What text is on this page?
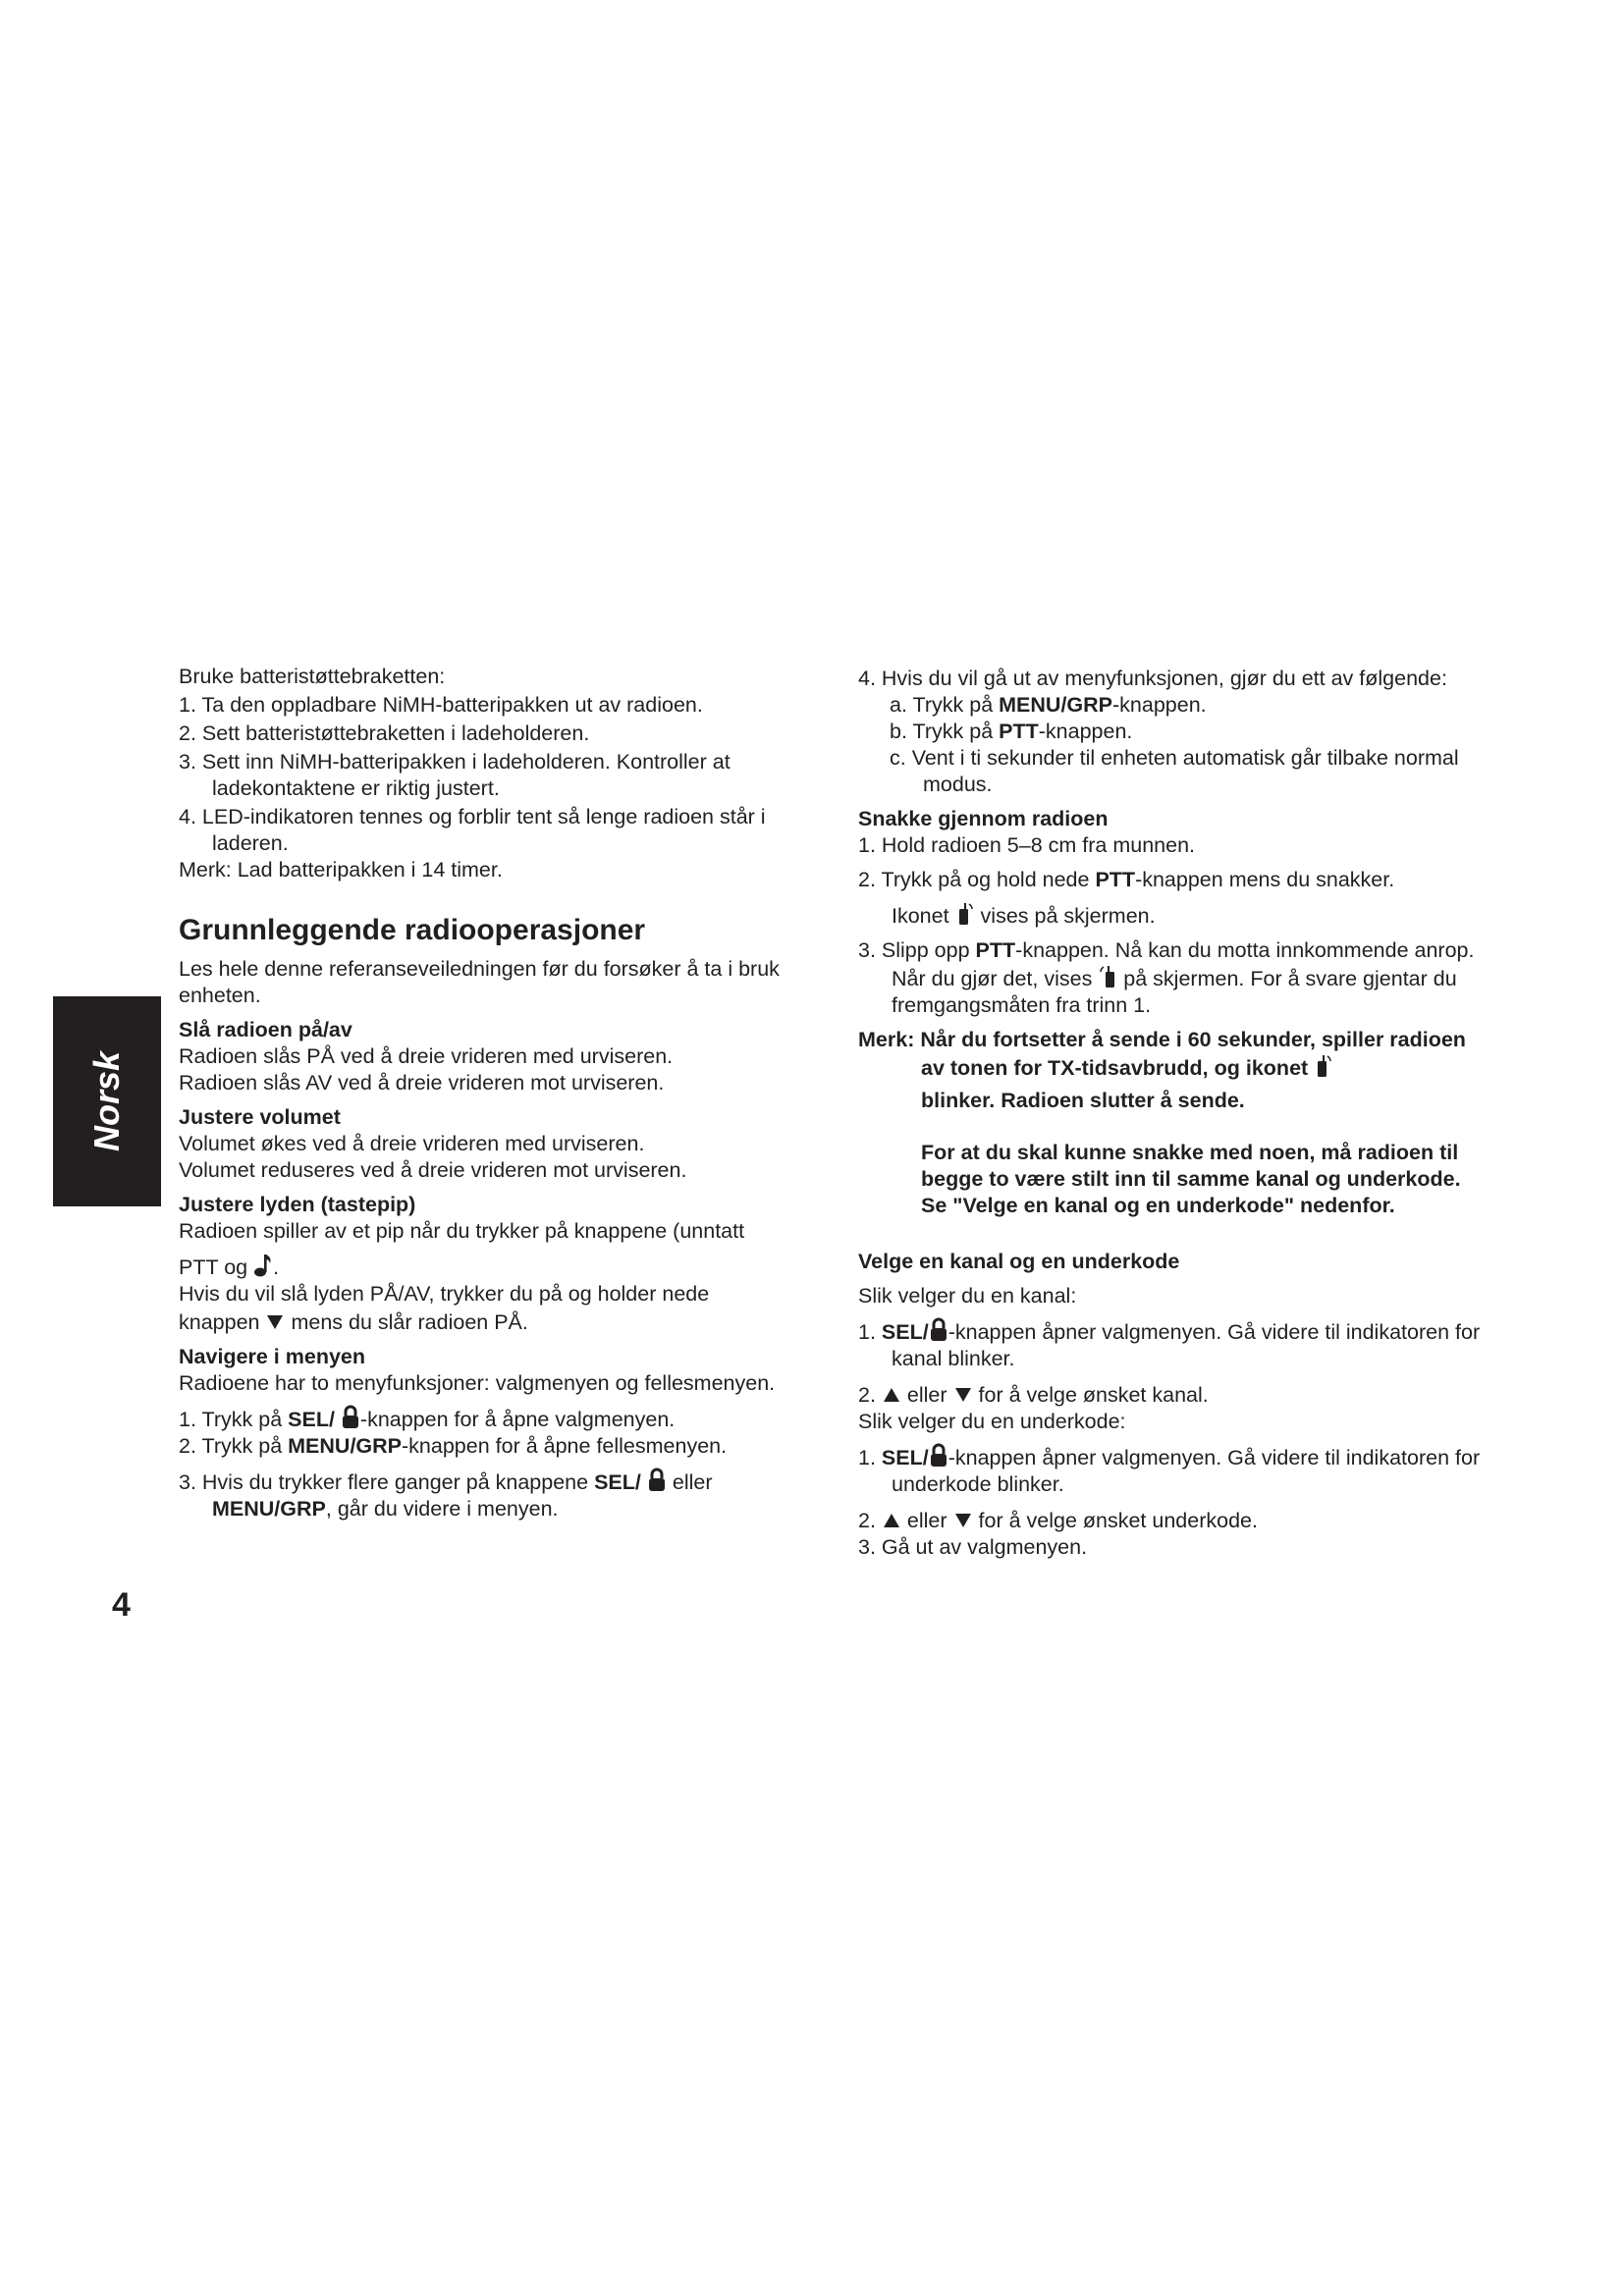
Norsk

Bruke batteristøttebraketten:

1. Ta den oppladbare NiMH-batteripakken ut av radioen.

2. Sett batteristøttebraketten i ladeholderen.

3. Sett inn NiMH-batteripakken i ladeholderen. Kontroller at ladekontaktene er riktig justert.

4. LED-indikatoren tennes og forblir tent så lenge radioen står i laderen.

Merk: Lad batteripakken i 14 timer.

Grunnleggende radiooperasjoner

Les hele denne referanseveiledningen før du forsøker å ta i bruk enheten.

Slå radioen på/av

Radioen slås PÅ ved å dreie vrideren med urviseren.

Radioen slås AV ved å dreie vrideren mot urviseren.

Justere volumet

Volumet økes ved å dreie vrideren med urviseren.

Volumet reduseres ved å dreie vrideren mot urviseren.

Justere lyden (tastepip)

Radioen spiller av et pip når du trykker på knappene (unntatt

PTT og .

Hvis du vil slå lyden PÅ/AV, trykker du på og holder nede knappen mens du slår radioen PÅ.

Navigere i menyen

Radioene har to menyfunksjoner: valgmenyen og fellesmenyen.

1. Trykk på SEL/ -knappen for å åpne valgmenyen.

2. Trykk på MENU/GRP-knappen for å åpne fellesmenyen.

3. Hvis du trykker flere ganger på knappene SEL/ eller MENU/GRP, går du videre i menyen.

4. Hvis du vil gå ut av menyfunksjonen, gjør du ett av følgende:

a. Trykk på MENU/GRP-knappen.

b. Trykk på PTT-knappen.

c. Vent i ti sekunder til enheten automatisk går tilbake normal modus.

Snakke gjennom radioen

1. Hold radioen 5–8 cm fra munnen.

2. Trykk på og hold nede PTT-knappen mens du snakker.

Ikonet vises på skjermen.

3. Slipp opp PTT-knappen. Nå kan du motta innkommende anrop. Når du gjør det, vises på skjermen. For å svare gjentar du fremgangsmåten fra trinn 1.

Merk: Når du fortsetter å sende i 60 sekunder, spiller radioen av tonen for TX-tidsavbrudd, og ikonet

blinker. Radioen slutter å sende.

For at du skal kunne snakke med noen, må radioen til begge to være stilt inn til samme kanal og underkode. Se "Velge en kanal og en underkode" nedenfor.

Velge en kanal og en underkode

Slik velger du en kanal:

1. SEL/ -knappen åpner valgmenyen. Gå videre til indikatoren for kanal blinker.

2. eller for å velge ønsket kanal.

Slik velger du en underkode:

1. SEL/ -knappen åpner valgmenyen. Gå videre til indikatoren for underkode blinker.

2. eller for å velge ønsket underkode.

3. Gå ut av valgmenyen.

4
